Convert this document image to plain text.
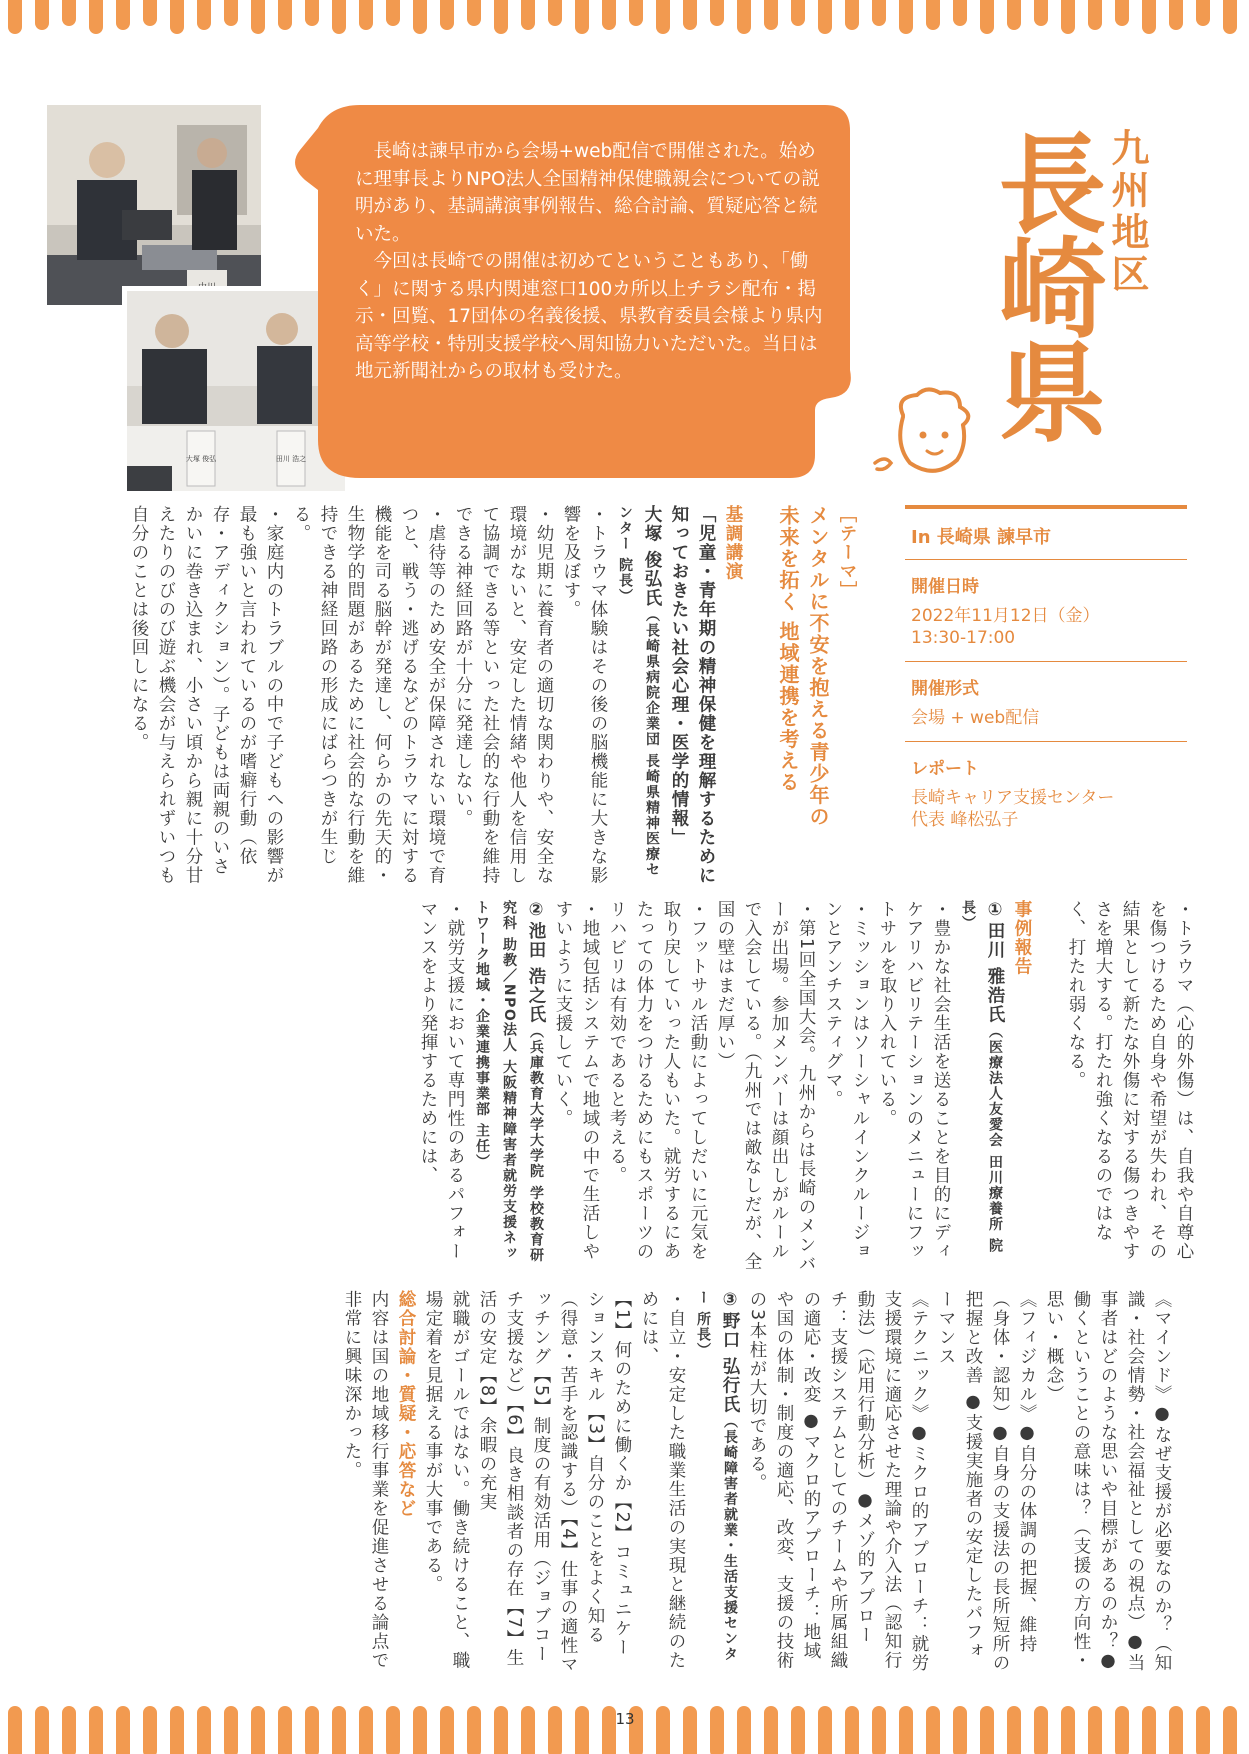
大塚 俊弘	田川 浩之

長崎は諫早市から会場+web配信で開催された。始めに理事長よりNPO法人全国精神保健職親会についての説明があり、基調講演事例報告、総合討論、質疑応答と続いた。

今回は長崎での開催は初めてということもあり、「働く」に関する県内関連窓口100カ所以上チラシ配布・掲示・回覧、17団体の名義後援、県教育委員会様より県内高等学校・特別支援学校へ周知協力いただいた。当日は地元新聞社からの取材も受けた。

九州地区
長崎県
In 長崎県 諫早市
開催日時
2022年11月12日（金）
13:30-17:00
開催形式
会場 + web配信
レポート
長崎キャリア支援センター
代表 峰松弘子

［テーマ］

メンタルに不安を抱える青少年の

未来を拓く 地域連携を考える

基調講演

「児童・青年期の精神保健を理解するために知っておきたい社会心理・医学的情報」

大塚 俊弘氏（長崎県病院企業団 長崎県精神医療センター 院長）

・トラウマ体験はその後の脳機能に大きな影響を及ぼす。

・幼児期に養育者の適切な関わりや、安全な環境がないと、安定した情緒や他人を信用して協調できる等といった社会的な行動を維持できる神経回路が十分に発達しない。

・虐待等のため安全が保障されない環境で育つと、戦う・逃げるなどのトラウマに対する機能を司る脳幹が発達し、何らかの先天的・生物学的問題があるために社会的な行動を維持できる神経回路の形成にばらつきが生じる。

・家庭内のトラブルの中で子どもへの影響が最も強いと言われているのが嗜癖行動（依存・アディクション）。子どもは両親のいさかいに巻き込まれ、小さい頃から親に十分甘えたりのびのび遊ぶ機会が与えられずいつも自分のことは後回しになる。

・トラウマ（心的外傷）は、自我や自尊心を傷つけるため自身や希望が失われ、その結果として新たな外傷に対する傷つきやすさを増大する。打たれ強くなるのではなく、打たれ弱くなる。

事例報告

①田川 雅浩氏（医療法人友愛会 田川療養所 院長）

・豊かな社会生活を送ることを目的にディケアリハビリテーションのメニューにフットサルを取り入れている。

・ミッションはソーシャルインクルージョンとアンチスティグマ。

・第1回全国大会。九州からは長崎のメンバーが出場。参加メンバーは顔出しがルールで入会している。（九州では敵なしだが、全国の壁はまだ厚い）

・フットサル活動によってしだいに元気を取り戻していった人もいた。就労するにあたっての体力をつけるためにもスポーツのリハビリは有効であると考える。

・地域包括システムで地域の中で生活しやすいように支援していく。

②池田 浩之氏（兵庫教育大学大学院 学校教育研究科 助教／NPO法人 大阪精神障害者就労支援ネットワーク地域・企業連携事業部 主任）

・就労支援において専門性のあるパフォーマンスをより発揮するためには、

《マインド》●なぜ支援が必要なのか？（知識・社会情勢・社会福祉としての視点）●当事者はどのような思いや目標があるのか？●働くということの意味は？（支援の方向性・思い・概念）

《フィジカル》●自分の体調の把握、維持（身体・認知）●自身の支援法の長所短所の把握と改善 ●支援実施者の安定したパフォーマンス

《テクニック》●ミクロ的アプローチ：就労支援環境に適応させた理論や介入法（認知行動法）（応用行動分析）●メゾ的アプローチ：支援システムとしてのチームや所属組織の適応・改変 ●マクロ的アプローチ：地域や国の体制・制度の適応、改変、支援の技術の3本柱が大切である。

③野口 弘行氏（長崎障害者就業・生活支援センター 所長）

・自立・安定した職業生活の実現と継続のためには、

【1】何のために働くか【2】コミュニケーションスキル【3】自分のことをよく知る（得意・苦手を認識する）【4】仕事の適性マッチング【5】制度の有効活用（ジョブコーチ支援など）【6】良き相談者の存在【7】生活の安定【8】余暇の充実

就職がゴールではない。働き続けること、職場定着を見据える事が大事である。

総合討論・質疑・応答など

内容は国の地域移行事業を促進させる論点で非常に興味深かった。

13
